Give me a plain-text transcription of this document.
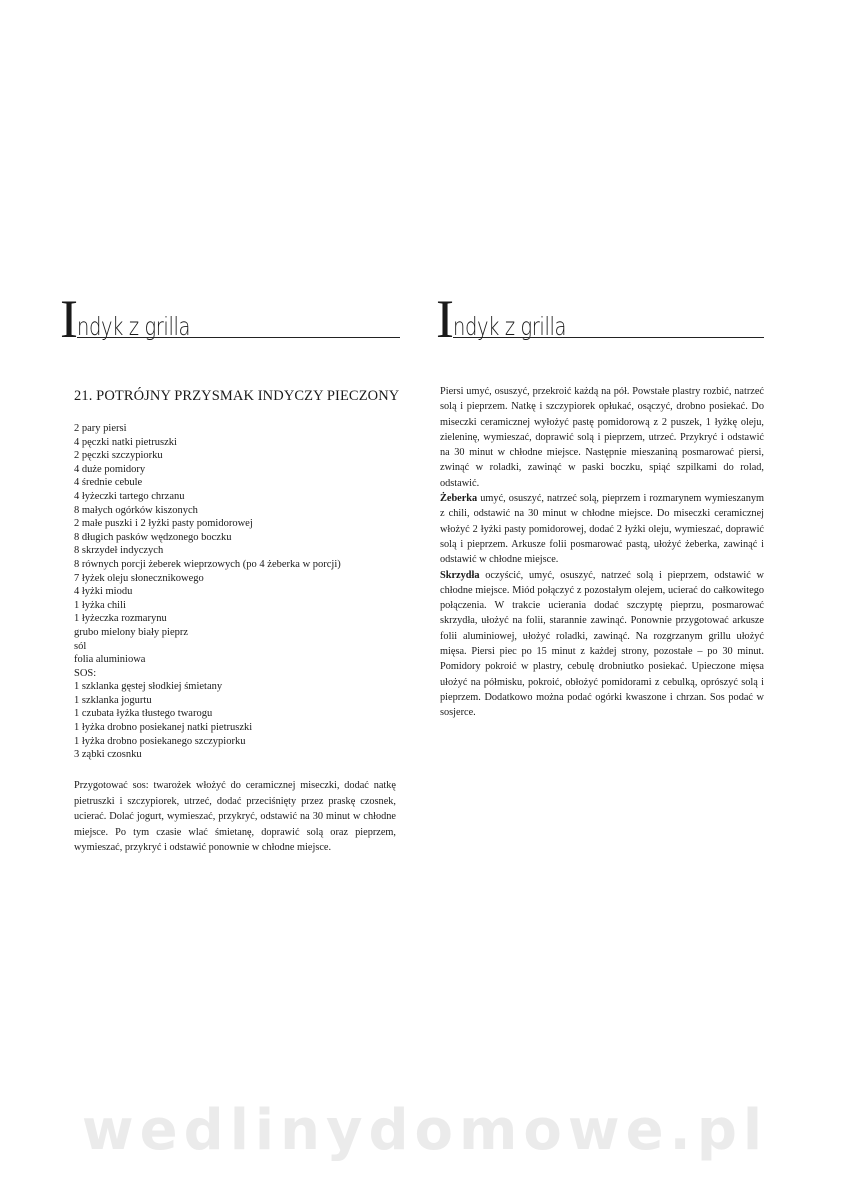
I ndyk z grilla
21. POTRÓJNY PRZYSMAK INDYCZY PIECZONY
2 pary piersi
4 pęczki natki pietruszki
2 pęczki szczypiorku
4 duże pomidory
4 średnie cebule
4 łyżeczki tartego chrzanu
8 małych ogórków kiszonych
2 małe puszki i 2 łyżki pasty pomidorowej
8 długich pasków wędzonego boczku
8 skrzydeł indyczych
8 równych porcji żeberek wieprzowych (po 4 żeberka w porcji)
7 łyżek oleju słonecznikowego
4 łyżki miodu
1 łyżka chili
1 łyżeczka rozmarynu
grubo mielony biały pieprz
sól
folia aluminiowa
SOS:
1 szklanka gęstej słodkiej śmietany
1 szklanka jogurtu
1 czubata łyżka tłustego twarogu
1 łyżka drobno posiekanej natki pietruszki
1 łyżka drobno posiekanego szczypiorku
3 ząbki czosnku

Przygotować sos: twarożek włożyć do ceramicznej miseczki, dodać natkę pietruszki i szczypiorek, utrzeć, dodać przeciśnięty przez praskę czosnek, ucierać. Dolać jogurt, wymieszać, przykryć, odstawić na 30 minut w chłodne miejsce. Po tym czasie wlać śmietanę, doprawić solą oraz pieprzem, wymieszać, przykryć i odstawić ponownie w chłodne miejsce.

I ndyk z grilla

Piersi umyć, osuszyć, przekroić każdą na pół. Powstałe plastry rozbić, natrzeć solą i pieprzem. Natkę i szczypiorek opłukać, osączyć, drobno posiekać. Do miseczki ceramicznej wyłożyć pastę pomidorową z 2 puszek, 1 łyżkę oleju, zieleninę, wymieszać, doprawić solą i pieprzem, utrzeć. Przykryć i odstawić na 30 minut w chłodne miejsce. Następnie mieszaniną posmarować piersi, zwinąć w roladki, zawinąć w paski boczku, spiąć szpilkami do rolad, odstawić.
Żeberka umyć, osuszyć, natrzeć solą, pieprzem i rozmarynem wymieszanym z chili, odstawić na 30 minut w chłodne miejsce. Do miseczki ceramicznej włożyć 2 łyżki pasty pomidorowej, dodać 2 łyżki oleju, wymieszać, doprawić solą i pieprzem. Arkusze folii posmarować pastą, ułożyć żeberka, zawinąć i odstawić w chłodne miejsce.
Skrzydła oczyścić, umyć, osuszyć, natrzeć solą i pieprzem, odstawić w chłodne miejsce. Miód połączyć z pozostałym olejem, ucierać do całkowitego połączenia. W trakcie ucierania dodać szczyptę pieprzu, posmarować skrzydła, ułożyć na folii, starannie zawinąć. Ponownie przygotować arkusze folii aluminiowej, ułożyć roladki, zawinąć. Na rozgrzanym grillu ułożyć mięsa. Piersi piec po 15 minut z każdej strony, pozostałe – po 30 minut. Pomidory pokroić w plastry, cebulę drobniutko posiekać. Upieczone mięsa ułożyć na półmisku, pokroić, obłożyć pomidorami z cebulką, oprószyć solą i pieprzem. Dodatkowo można podać ogórki kwaszone i chrzan. Sos podać w sosjerce.

wedlinydomowe.pl
